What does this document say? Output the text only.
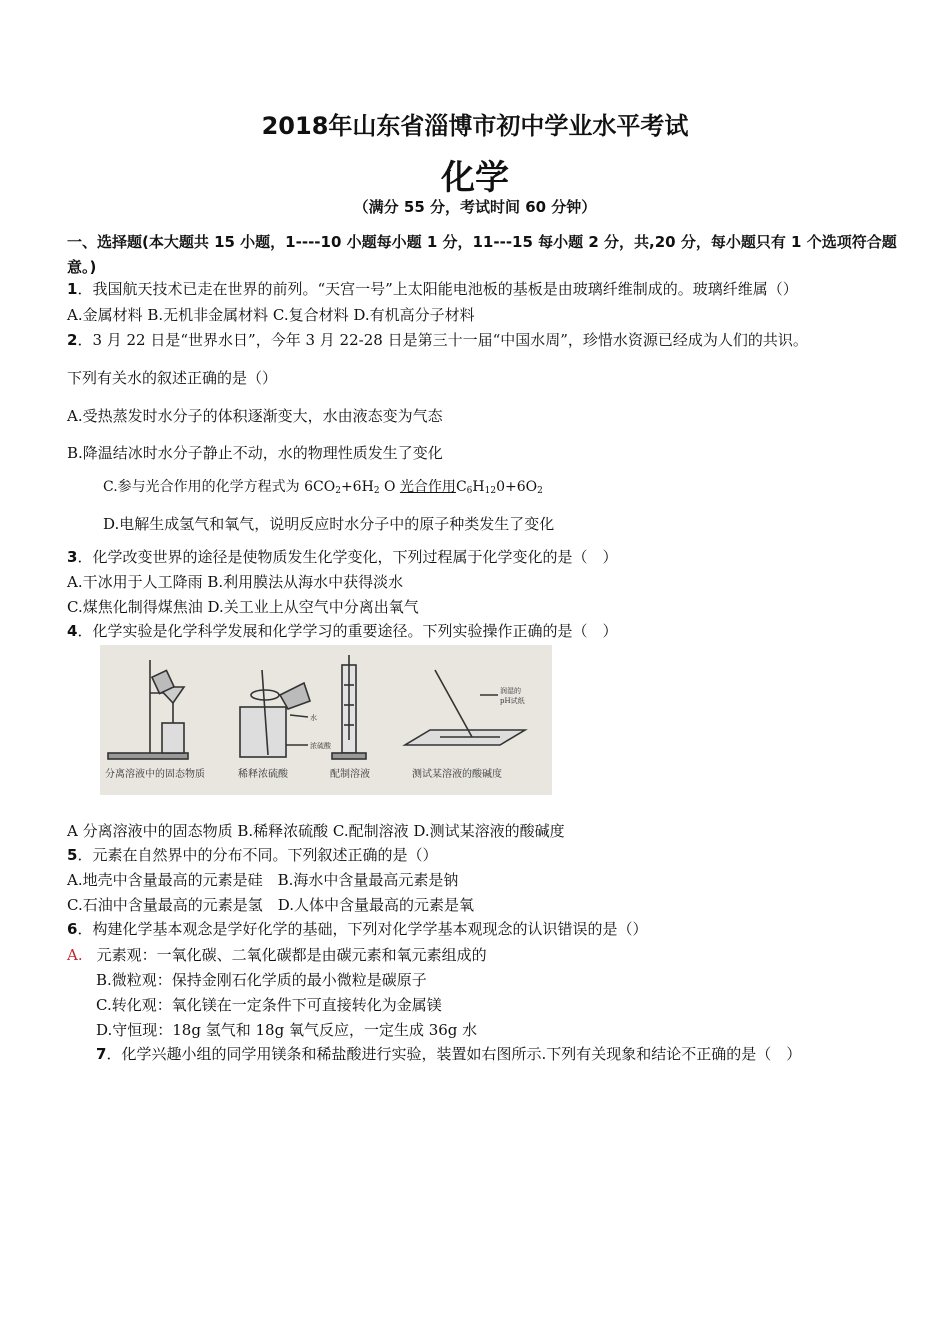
2018年山东省淄博市初中学业水平考试
化学
（满分 55 分，考试时间 60 分钟）
一、选择题(本大题共 15 小题，1----10 小题每小题 1 分，11---15 每小题 2 分，共,20 分，每小题只有 1 个选项符合题意。)
1．我国航天技术已走在世界的前列。“天宫一号”上太阳能电池板的基板是由玻璃纤维制成的。玻璃纤维属（）
A.金属材料 B.无机非金属材料 C.复合材料 D.有机高分子材料
2．3 月 22 日是“世界水日”，今年 3 月 22-28 日是第三十一届“中国水周”，珍惜水资源已经成为人们的共识。
下列有关水的叙述正确的是（）
A.受热蒸发时水分子的体积逐渐变大，水由液态变为气态
B.降温结冰时水分子静止不动，水的物理性质发生了变化
C.参与光合作用的化学方程式为 $6CO_2+6H_2$ O 光合作用$C_6H_{12}0+6O_2$
D.电解生成氢气和氧气，说明反应时水分子中的原子种类发生了变化
3．化学改变世界的途径是使物质发生化学变化，下列过程属于化学变化的是（　）
A.干冰用于人工降雨 B.利用膜法从海水中获得淡水
C.煤焦化制得煤焦油 D.关工业上从空气中分离出氧气
4．化学实验是化学科学发展和化学学习的重要途径。下列实验操作正确的是（　）
水
浓硫酸
润湿的
pH试纸
分离溶液中的固态物质	稀释浓硫酸	配制溶液	测试某溶液的酸碱度
A 分离溶液中的固态物质 B.稀释浓硫酸 C.配制溶液 D.测试某溶液的酸碱度
5．元素在自然界中的分布不同。下列叙述正确的是（）
A.地壳中含量最高的元素是硅　B.海水中含量最高元素是钠
C.石油中含量最高的元素是氢　D.人体中含量最高的元素是氧
6．构建化学基本观念是学好化学的基础，下列对化学学基本观现念的认识错误的是（）
A. 元素观：一氧化碳、二氧化碳都是由碳元素和氧元素组成的
B.微粒观：保持金刚石化学质的最小微粒是碳原子
C.转化观：氧化镁在一定条件下可直接转化为金属镁
D.守恒现：18g 氢气和 18g 氧气反应，一定生成 36g 水
7．化学兴趣小组的同学用镁条和稀盐酸进行实验，装置如右图所示.下列有关现象和结论不正确的是（　）
